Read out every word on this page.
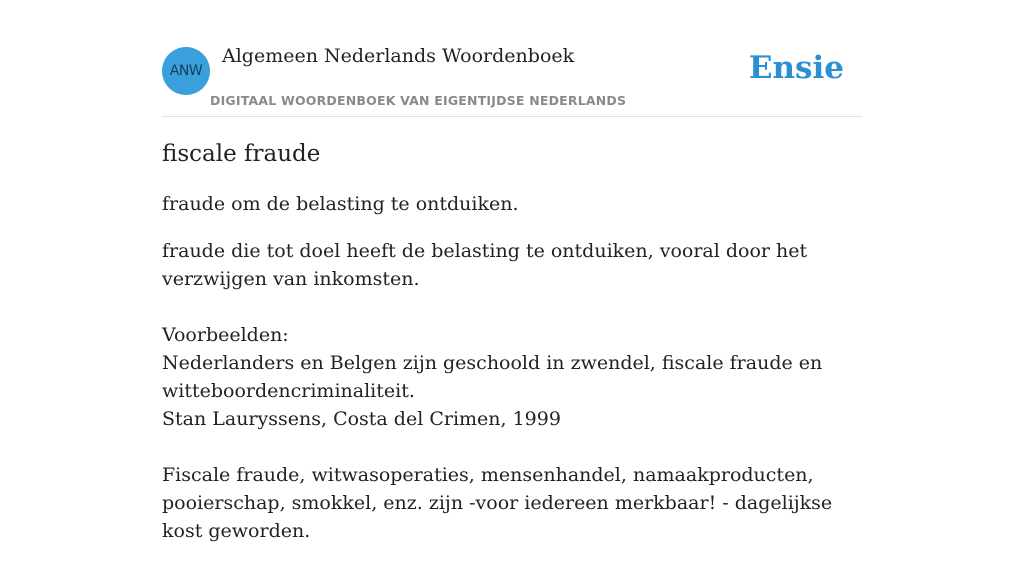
ANW
Algemeen Nederlands Woordenboek
DIGITAAL WOORDENBOEK VAN EIGENTIJDSE NEDERLANDS
Ensie
fiscale fraude

fraude om de belasting te ontduiken.

fraude die tot doel heeft de belasting te ontduiken, vooral door het verzwijgen van inkomsten.

Voorbeelden:

Nederlanders en Belgen zijn geschoold in zwendel, fiscale fraude en witteboordencriminaliteit.

Stan Lauryssens, Costa del Crimen, 1999

Fiscale fraude, witwasoperaties, mensenhandel, namaakproducten, pooierschap, smokkel, enz. zijn -voor iedereen merkbaar! - dagelijkse kost geworden.
